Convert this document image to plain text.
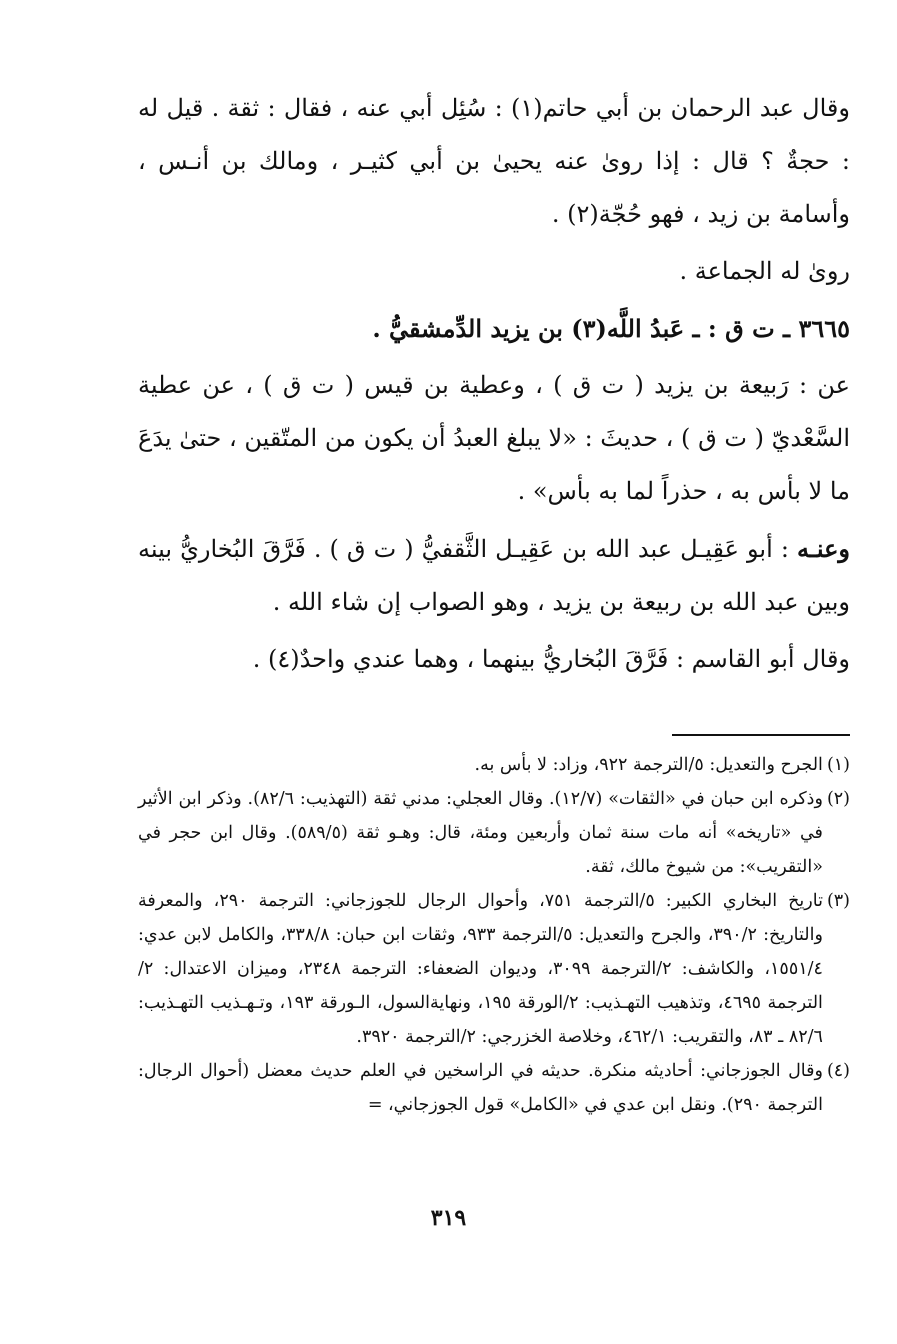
وقال عبد الرحمان بن أبي حاتم(١) : سُئِل أبي عنه ، فقال : ثقة . قيل له : حجةٌ ؟ قال : إذا روىٰ عنه يحيىٰ بن أبي كثيـر ، ومالك بن أنـس ، وأسامة بن زيد ، فهو حُجّة(٢) .

روىٰ له الجماعة .

٣٦٦٥ ـ ت ق : ـ عَبدُ اللَّه(٣) بن يزيد الدِّمشقيُّ .

عن : رَبيعة بن يزيد ( ت ق ) ، وعطية بن قيس ( ت ق ) ، عن عطية السَّعْديّ ( ت ق ) ، حديثَ : «لا يبلغ العبدُ أن يكون من المتّقين ، حتىٰ يدَعَ ما لا بأس به ، حذراً لما به بأس» .

وعنـه : أبو عَقِيـل عبد الله بن عَقِيـل الثَّقفيُّ ( ت ق ) . فَرَّقَ البُخاريُّ بينه وبين عبد الله بن ربيعة بن يزيد ، وهو الصواب إن شاء الله .

وقال أبو القاسم : فَرَّقَ البُخاريُّ بينهما ، وهما عندي واحدٌ(٤) .

(١)
الجرح والتعديل: ٥/الترجمة ٩٢٢، وزاد: لا بأس به.

(٢)
وذكره ابن حبان في «الثقات» (١٢/٧). وقال العجلي: مدني ثقة (التهذيب: ٨٢/٦). وذكر ابن الأثير في «تاريخه» أنه مات سنة ثمان وأربعين ومئة، قال: وهـو ثقة (٥٨٩/٥). وقال ابن حجر في «التقريب»: من شيوخ مالك، ثقة.

(٣)
تاريخ البخاري الكبير: ٥/الترجمة ٧٥١، وأحوال الرجال للجوزجاني: الترجمة ٢٩٠، والمعرفة والتاريخ: ٣٩٠/٢، والجرح والتعديل: ٥/الترجمة ٩٣٣، وثقات ابن حبان: ٣٣٨/٨، والكامل لابن عدي: ١٥٥١/٤، والكاشف: ٢/الترجمة ٣٠٩٩، وديوان الضعفاء: الترجمة ٢٣٤٨، وميزان الاعتدال: ٢/الترجمة ٤٦٩٥، وتذهيب التهـذيب: ٢/الورقة ١٩٥، ونهايةالسول، الـورقة ١٩٣، وتـهـذيب التهـذيب: ٨٢/٦ ـ ٨٣، والتقريب: ٤٦٢/١، وخلاصة الخزرجي: ٢/الترجمة ٣٩٢٠.

(٤)
وقال الجوزجاني: أحاديثه منكرة. حديثه في الراسخين في العلم حديث معضل (أحوال الرجال: الترجمة ٢٩٠). ونقل ابن عدي في «الكامل» قول الجوزجاني، =

٣١٩
